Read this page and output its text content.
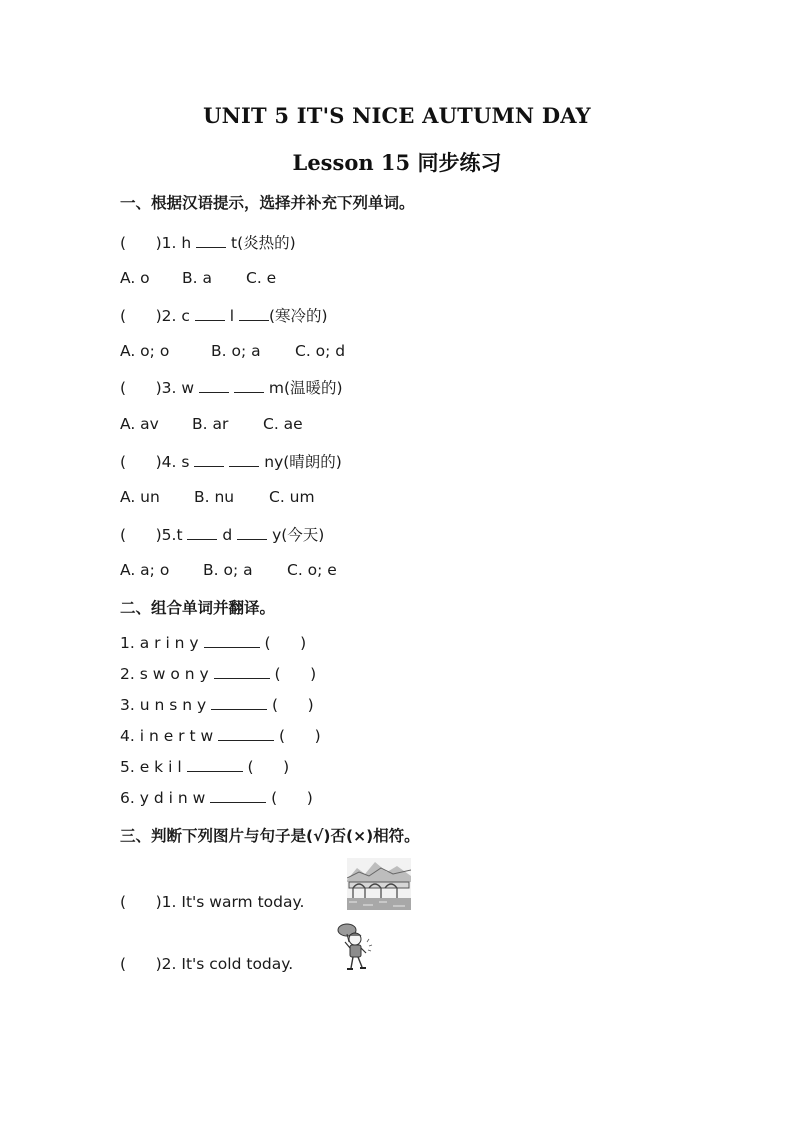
UNIT 5 IT'S NICE AUTUMN DAY
Lesson 15 同步练习
一、根据汉语提示，选择并补充下列单词。
(      )1. h  t(炎热的)
A. o B. a C. e
(      )2. c  l (寒冷的)
A. o; o	B. o; a C. o; d
(      )3. w	m(温暖的)
A. av B. ar C. ae
(      )4. s	ny(晴朗的)
A. un B. nu C. um
(      )5.t  d  y(今天)
A. a; o B. o; a C. o; e
二、组合单词并翻译。
1. a r i n y	(      )
2. s w o n y	(      )
3. u n s n y	(      )
4. i n e r t w	(      )
5. e k i l	(      )
6. y d i n w	(      )
三、判断下列图片与句子是(√)否(×)相符。
(      )1. It's warm today.
(      )2. It's cold today.
